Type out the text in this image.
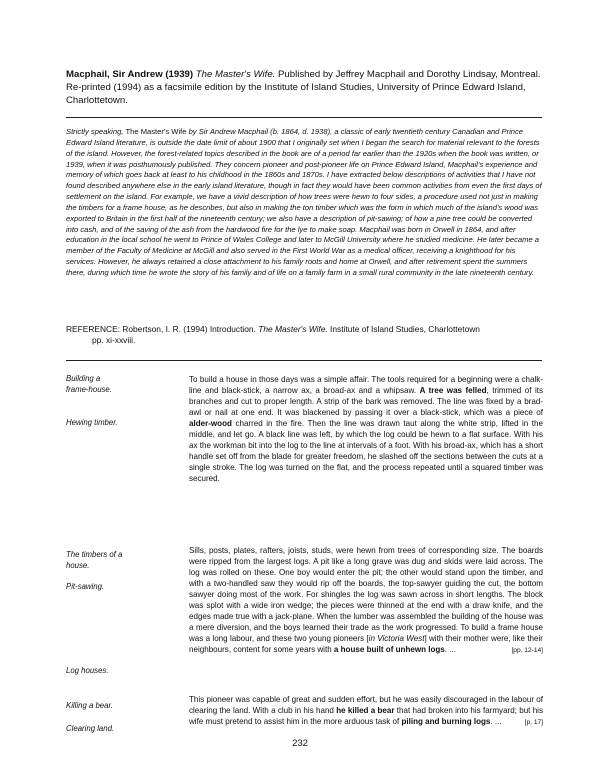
Macphail, Sir Andrew (1939) The Master's Wife. Published by Jeffrey Macphail and Dorothy Lindsay, Montreal. Re-printed (1994) as a facsimile edition by the Institute of Island Studies, University of Prince Edward Island, Charlottetown.
Strictly speaking, The Master's Wife by Sir Andrew Macphail (b. 1864, d. 1938), a classic of early twentieth century Canadian and Prince Edward Island literature, is outside the date limit of about 1900 that I originally set when I began the search for material relevant to the forests of the island. However, the forest-related topics described in the book are of a period far earlier than the 1920s when the book was written, or 1939, when it was posthumously published. They concern pioneer and post-pioneer life on Prince Edward Island, Macphail's experience and memory of which goes back at least to his childhood in the 1860s and 1870s. I have extracted below descriptions of activities that I have not found described anywhere else in the early island literature, though in fact they would have been common activities from even the first days of settlement on the island. For example, we have a vivid description of how trees were hewn to four sides, a procedure used not just in making the timbers for a frame house, as he describes, but also in making the ton timber which was the form in which much of the island's wood was exported to Britain in the first half of the nineteenth century; we also have a description of pit-sawing; of how a pine tree could be converted into cash, and of the saving of the ash from the hardwood fire for the lye to make soap. Macphail was born in Orwell in 1864, and after education in the local school he went to Prince of Wales College and later to McGill University where he studied medicine. He later became a member of the Faculty of Medicine at McGill and also served in the First World War as a medical officer, receiving a knighthood for his services. However, he always retained a close attachment to his family roots and home at Orwell, and after retirement spent the summers there, during which time he wrote the story of his family and of life on a family farm in a small rural community in the late nineteenth century.
REFERENCE: Robertson, I. R. (1994) Introduction. The Master's Wife. Institute of Island Studies, Charlottetown
pp. xi-xxviii.
Building a frame-house.
Hewing timber.
The timbers of a house.
Pit-sawing.
Log houses.
Killing a bear.
Clearing land.
To build a house in those days was a simple affair. The tools required for a beginning were a chalk-line and black-stick, a narrow ax, a broad-ax and a whipsaw. A tree was felled, trimmed of its branches and cut to proper length. A strip of the bark was removed. The line was fixed by a brad-awl or nail at one end. It was blackened by passing it over a black-stick, which was a piece of alder-wood charred in the fire. Then the line was drawn taut along the white strip, lifted in the middle, and let go. A black line was left, by which the log could be hewn to a flat surface. With his ax the workman bit into the log to the line at intervals of a foot. With his broad-ax, which has a short handle set off from the blade for greater freedom, he slashed off the sections between the cuts at a single stroke. The log was turned on the flat, and the process repeated until a squared timber was secured.
Sills, posts, plates, rafters, joists, studs, were hewn from trees of corresponding size. The boards were ripped from the largest logs. A pit like a long grave was dug and skids were laid across. The log was rolled on these. One boy would enter the pit; the other would stand upon the timber, and with a two-handled saw they would rip off the boards, the top-sawyer guiding the cut, the bottom sawyer doing most of the work. For shingles the log was sawn across in short lengths. The block was splot with a wide iron wedge; the pieces were thinned at the end with a draw knife, and the edges made true with a jack-plane. When the lumber was assembled the building of the house was a mere diversion, and the boys learned their trade as the work progressed. To build a frame house was a long labour, and these two young pioneers [in Victoria West] with their mother were, like their neighbours, content for some years with a house built of unhewn logs. ...	[pp. 12-14]
This pioneer was capable of great and sudden effort, but he was easily discouraged in the labour of clearing the land. With a club in his hand he killed a bear that had broken into his farmyard; but his wife must pretend to assist him in the more arduous task of piling and burning logs. ...	[p. 17]
232
